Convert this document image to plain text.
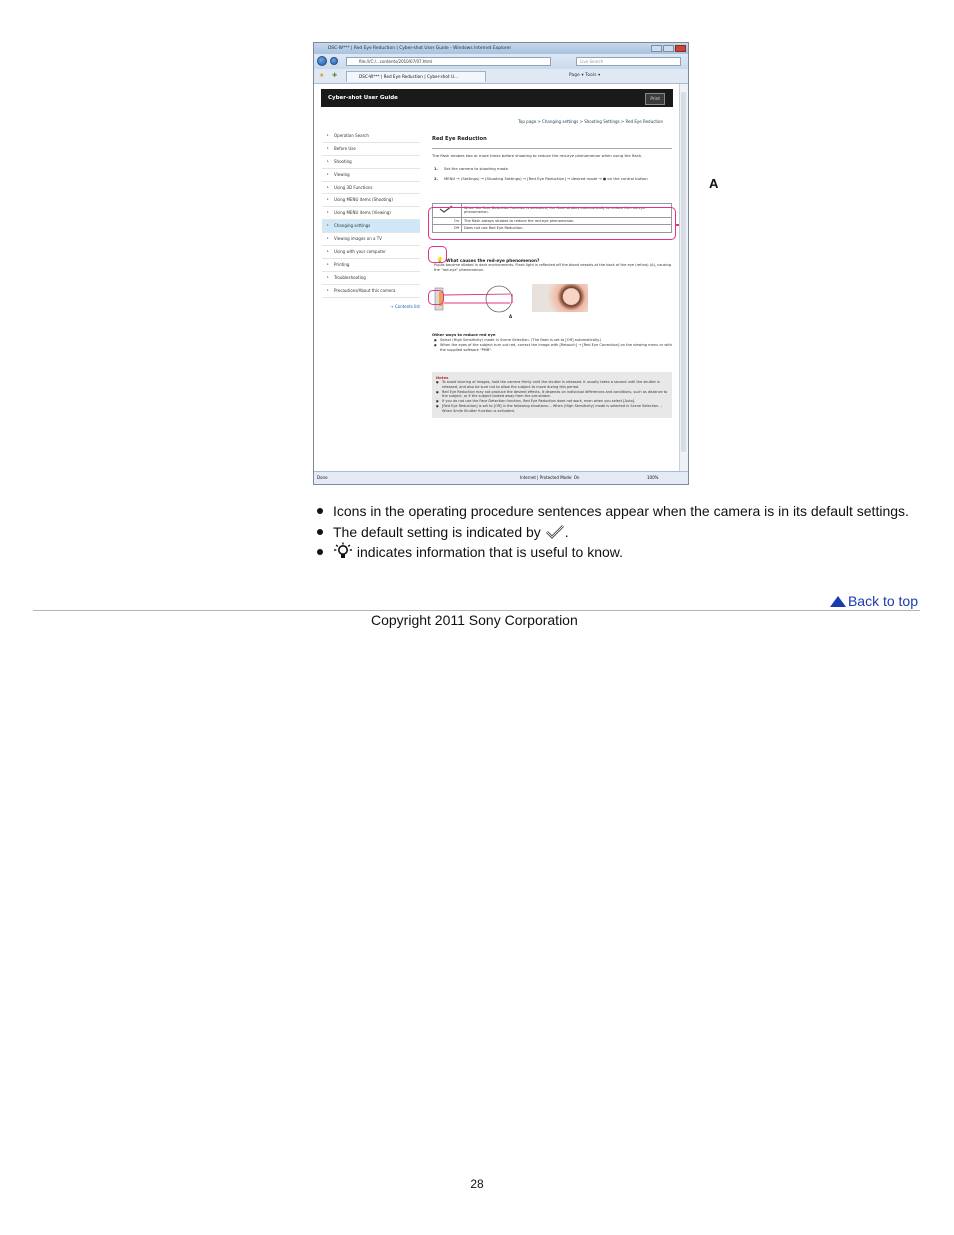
DSC-W*** | Red Eye Reduction | Cyber-shot User Guide - Windows Internet Explorer
file:///C:/...contents/2010/07/07.html	Live Search
★ ✚	DSC-W*** | Red Eye Reduction | Cyber-shot U...	Page ▾ Tools ▾
Cyber-shot User Guide	Print
Top page > Changing settings > Shooting Settings > Red Eye Reduction
▸ Operation Search
▸ Before Use
▸ Shooting
▸ Viewing
▸ Using 3D Functions
▸ Using MENU items (Shooting)
▸ Using MENU items (Viewing)
▸ Changing settings
▸ Viewing images on a TV
▸ Using with your computer
▸ Printing
▸ Troubleshooting
▸ Precautions/About this camera
→ Contents list
Red Eye Reduction
The flash strobes two or more times before shooting to reduce the red-eye phenomenon when using the flash.
1. Set the camera to shooting mode.
2. MENU → (Settings) → (Shooting Settings) → [Red Eye Reduction] → desired mode → ● on the control button
	When the Face Detection function is activated, the flash strobes automatically to reduce the red-eye phenomenon.
On	The flash always strobes to reduce the red-eye phenomenon.
Off	Does not use Red Eye Reduction.
💡 What causes the red-eye phenomenon?
Pupils become dilated in dark environments. Flash light is reflected off the blood vessels at the back of the eye (retina) (A), causing the "red-eye" phenomenon.
A
Other ways to reduce red eye
● Select (High Sensitivity) mode in Scene Selection. (The flash is set to [Off] automatically.)
● When the eyes of the subject turn out red, correct the image with [Retouch] → [Red Eye Correction] on the viewing menu or with the supplied software "PMB".
Notes
● To avoid blurring of images, hold the camera firmly until the shutter is released. It usually takes a second until the shutter is released, and also be sure not to allow the subject to move during this period.
● Red Eye Reduction may not produce the desired effects. It depends on individual differences and conditions, such as distance to the subject, or if the subject looked away from the pre-strobe.
● If you do not use the Face Detection function, Red Eye Reduction does not work, even when you select [Auto].
● [Red Eye Reduction] is set to [Off] in the following situations: – When (High Sensitivity) mode is selected in Scene Selection. – When Smile Shutter function is activated.
Done	Internet | Protected Mode: On	100%
A
Icons in the operating procedure sentences appear when the camera is in its default settings.
The default setting is indicated by .
indicates information that is useful to know.
Back to top
Copyright 2011 Sony Corporation
28
